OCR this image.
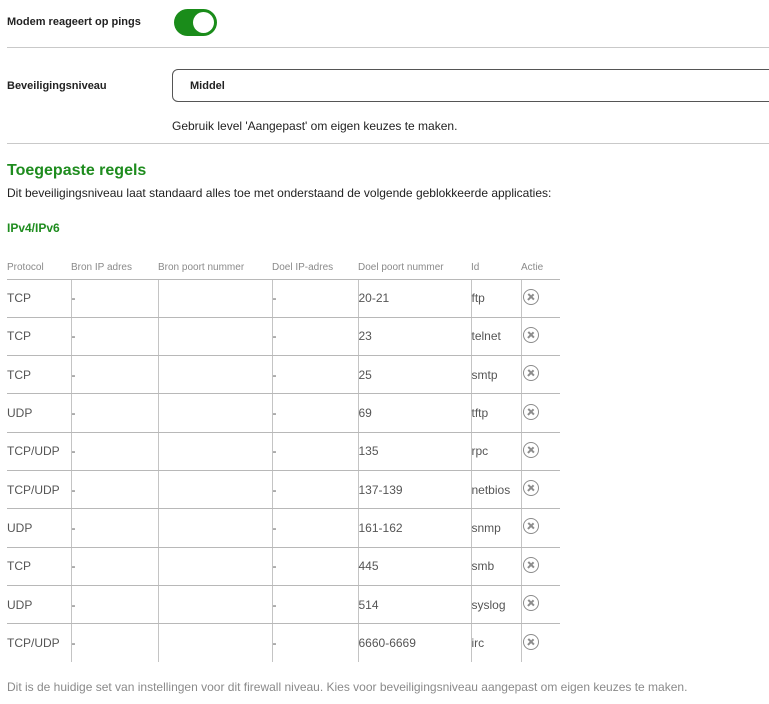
Modem reageert op pings
Beveiligingsniveau	Middel
Gebruik level 'Aangepast' om eigen keuzes te maken.
Toegepaste regels
Dit beveiligingsniveau laat standaard alles toe met onderstaand de volgende geblokkeerde applicaties:
IPv4/IPv6
Protocol	Bron IP adres	Bron poort nummer	Doel IP-adres	Doel poort nummer	Id	Actie
TCP	-		-	20-21	ftp	
TCP	-		-	23	telnet	
TCP	-		-	25	smtp	
UDP	-		-	69	tftp	
TCP/UDP	-		-	135	rpc	
TCP/UDP	-		-	137-139	netbios	
UDP	-		-	161-162	snmp	
TCP	-		-	445	smb	
UDP	-		-	514	syslog	
TCP/UDP	-		-	6660-6669	irc	
Dit is de huidige set van instellingen voor dit firewall niveau. Kies voor beveiligingsniveau aangepast om eigen keuzes te maken.
